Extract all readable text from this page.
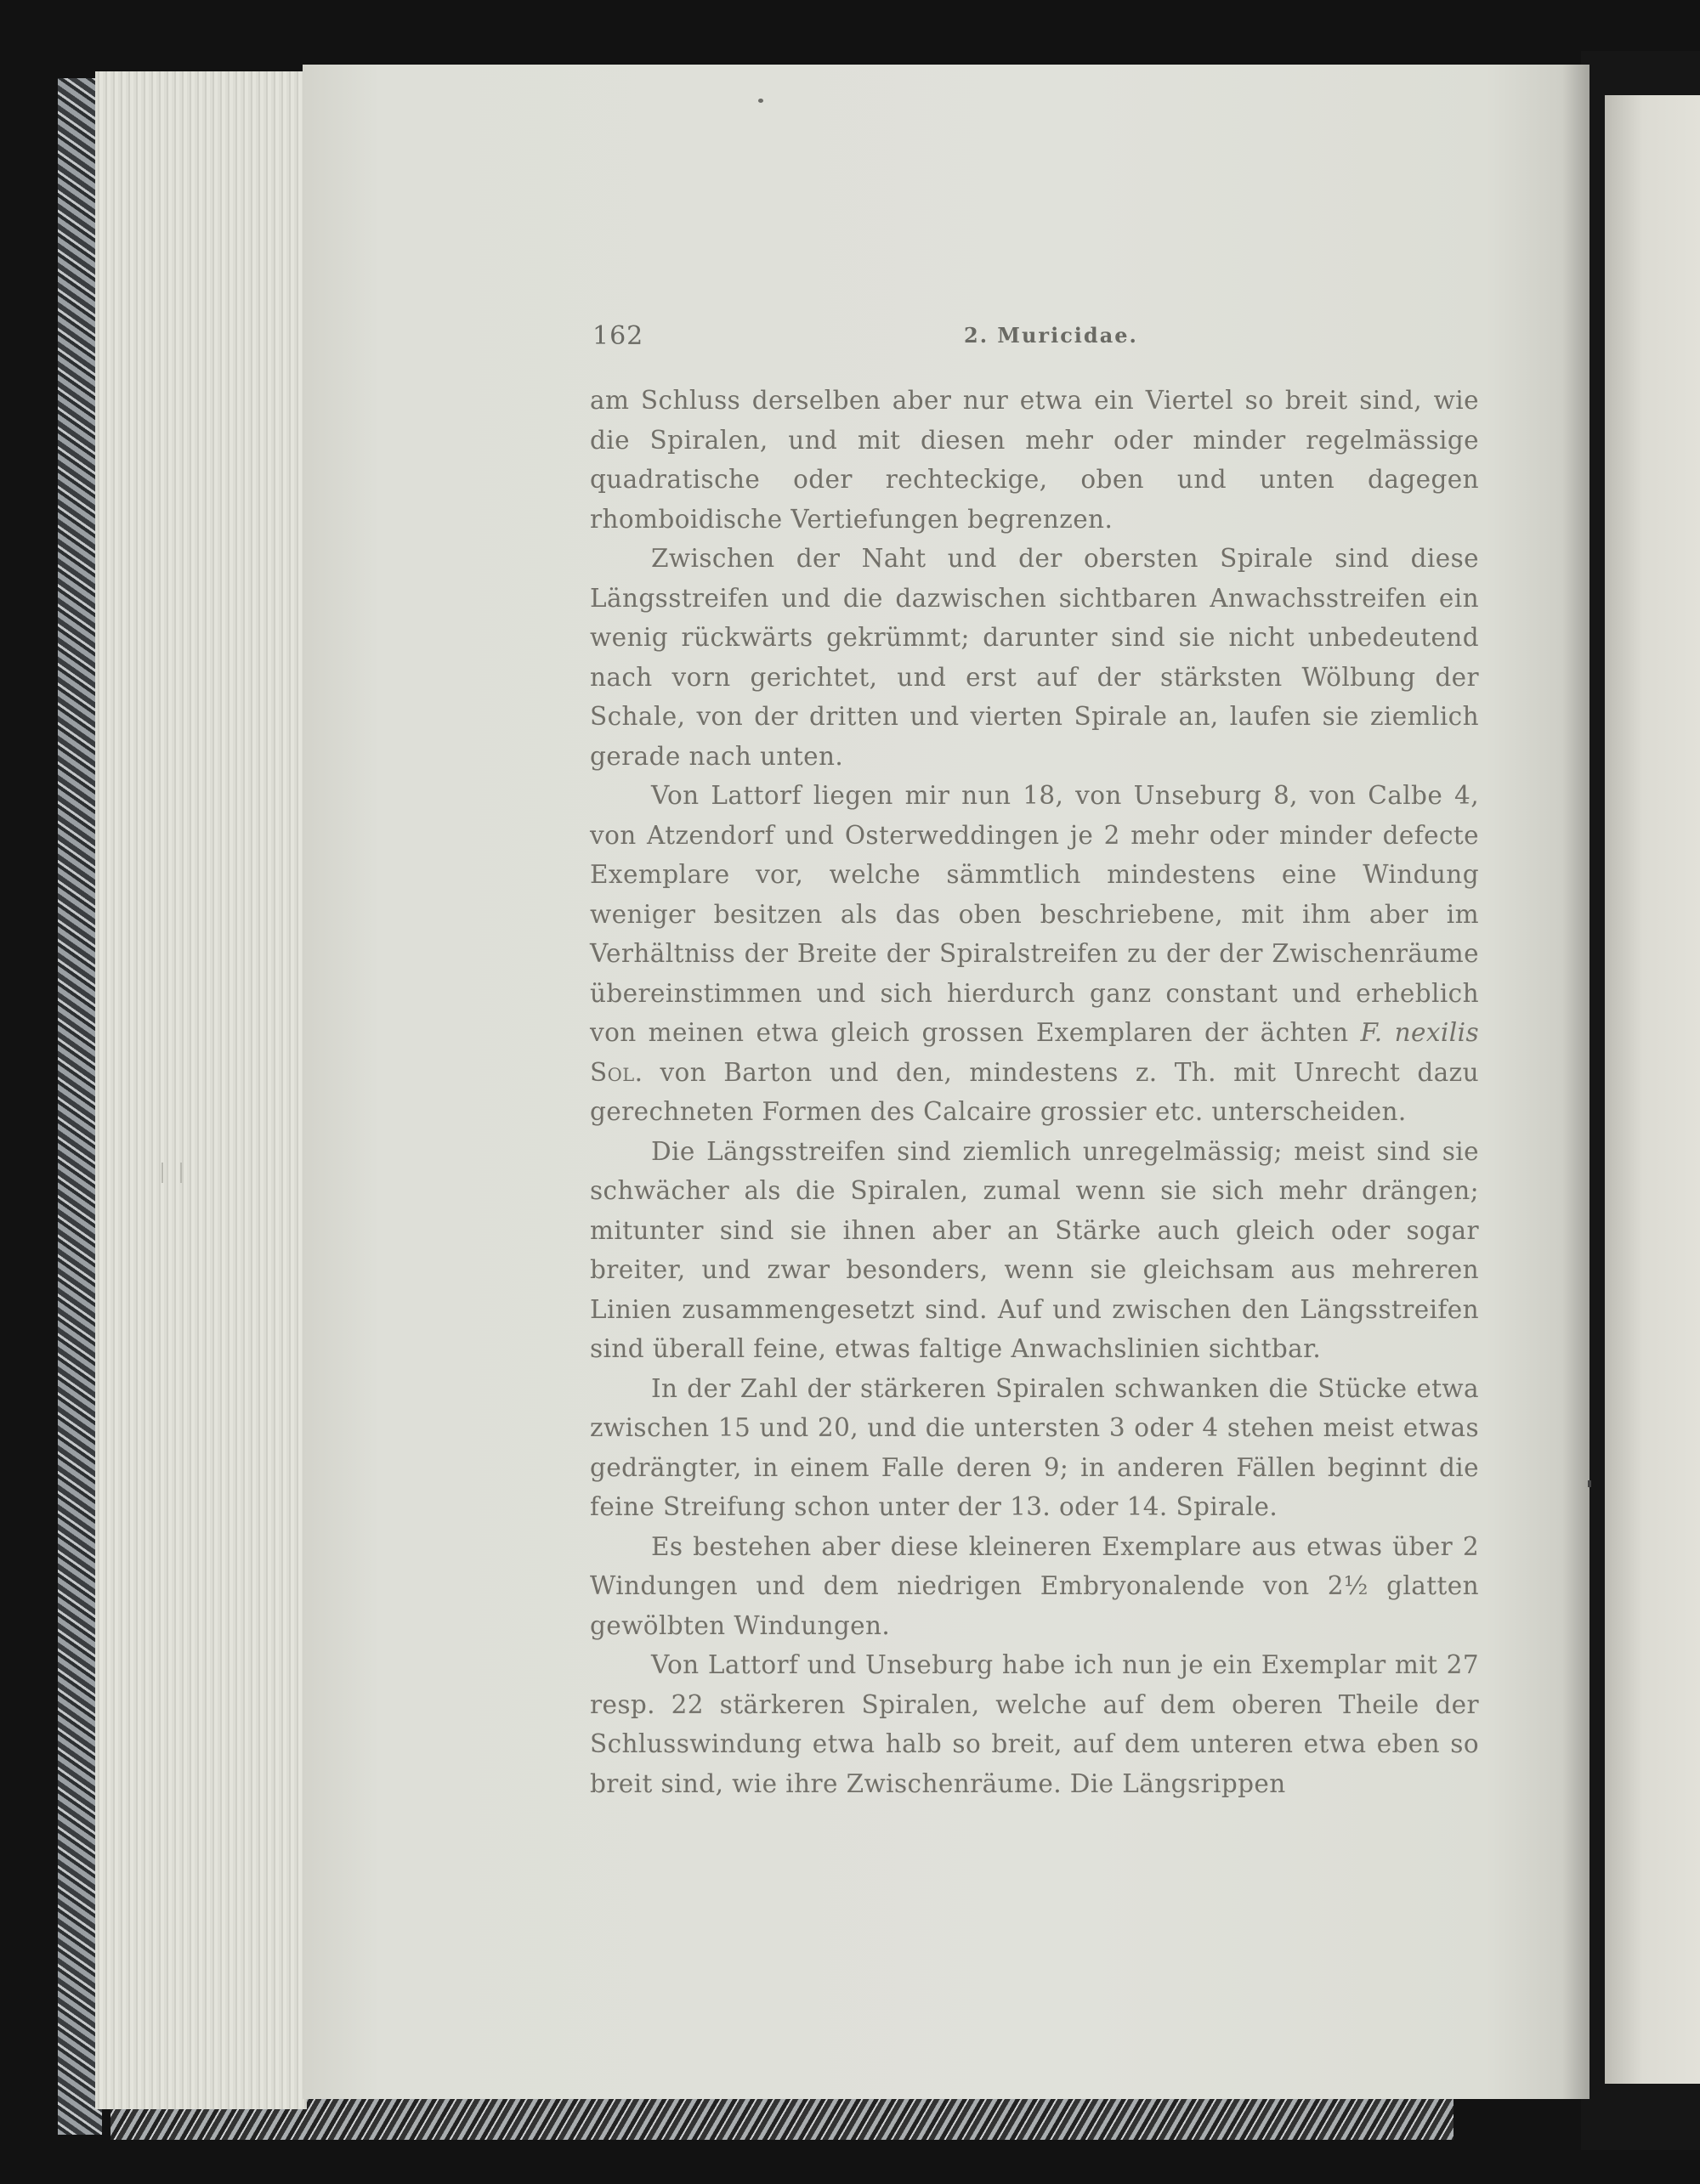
162	2. Muricidae.

am Schluss derselben aber nur etwa ein Viertel so breit sind, wie die Spiralen, und mit diesen mehr oder minder regelmässige quadratische oder rechteckige, oben und unten dagegen rhomboidische Vertiefungen begrenzen.

Zwischen der Naht und der obersten Spirale sind diese Längsstreifen und die dazwischen sichtbaren Anwachsstreifen ein wenig rückwärts gekrümmt; darunter sind sie nicht unbedeutend nach vorn gerichtet, und erst auf der stärksten Wölbung der Schale, von der dritten und vierten Spirale an, laufen sie ziemlich gerade nach unten.

Von Lattorf liegen mir nun 18, von Unseburg 8, von Calbe 4, von Atzendorf und Osterweddingen je 2 mehr oder minder defecte Exemplare vor, welche sämmtlich mindestens eine Windung weniger besitzen als das oben beschriebene, mit ihm aber im Verhältniss der Breite der Spiralstreifen zu der der Zwischenräume übereinstimmen und sich hierdurch ganz constant und erheblich von meinen etwa gleich grossen Exemplaren der ächten F. nexilis Sol. von Barton und den, mindestens z. Th. mit Unrecht dazu gerechneten Formen des Calcaire grossier etc. unterscheiden.

Die Längsstreifen sind ziemlich unregelmässig; meist sind sie schwächer als die Spiralen, zumal wenn sie sich mehr drängen; mitunter sind sie ihnen aber an Stärke auch gleich oder sogar breiter, und zwar besonders, wenn sie gleichsam aus mehreren Linien zusammengesetzt sind. Auf und zwischen den Längsstreifen sind überall feine, etwas faltige Anwachslinien sichtbar.

In der Zahl der stärkeren Spiralen schwanken die Stücke etwa zwischen 15 und 20, und die untersten 3 oder 4 stehen meist etwas gedrängter, in einem Falle deren 9; in anderen Fällen beginnt die feine Streifung schon unter der 13. oder 14. Spirale.

Es bestehen aber diese kleineren Exemplare aus etwas über 2 Windungen und dem niedrigen Embryonalende von 2½ glatten gewölbten Windungen.

Von Lattorf und Unseburg habe ich nun je ein Exemplar mit 27 resp. 22 stärkeren Spiralen, welche auf dem oberen Theile der Schlusswindung etwa halb so breit, auf dem unteren etwa eben so breit sind, wie ihre Zwischenräume. Die Längsrippen
